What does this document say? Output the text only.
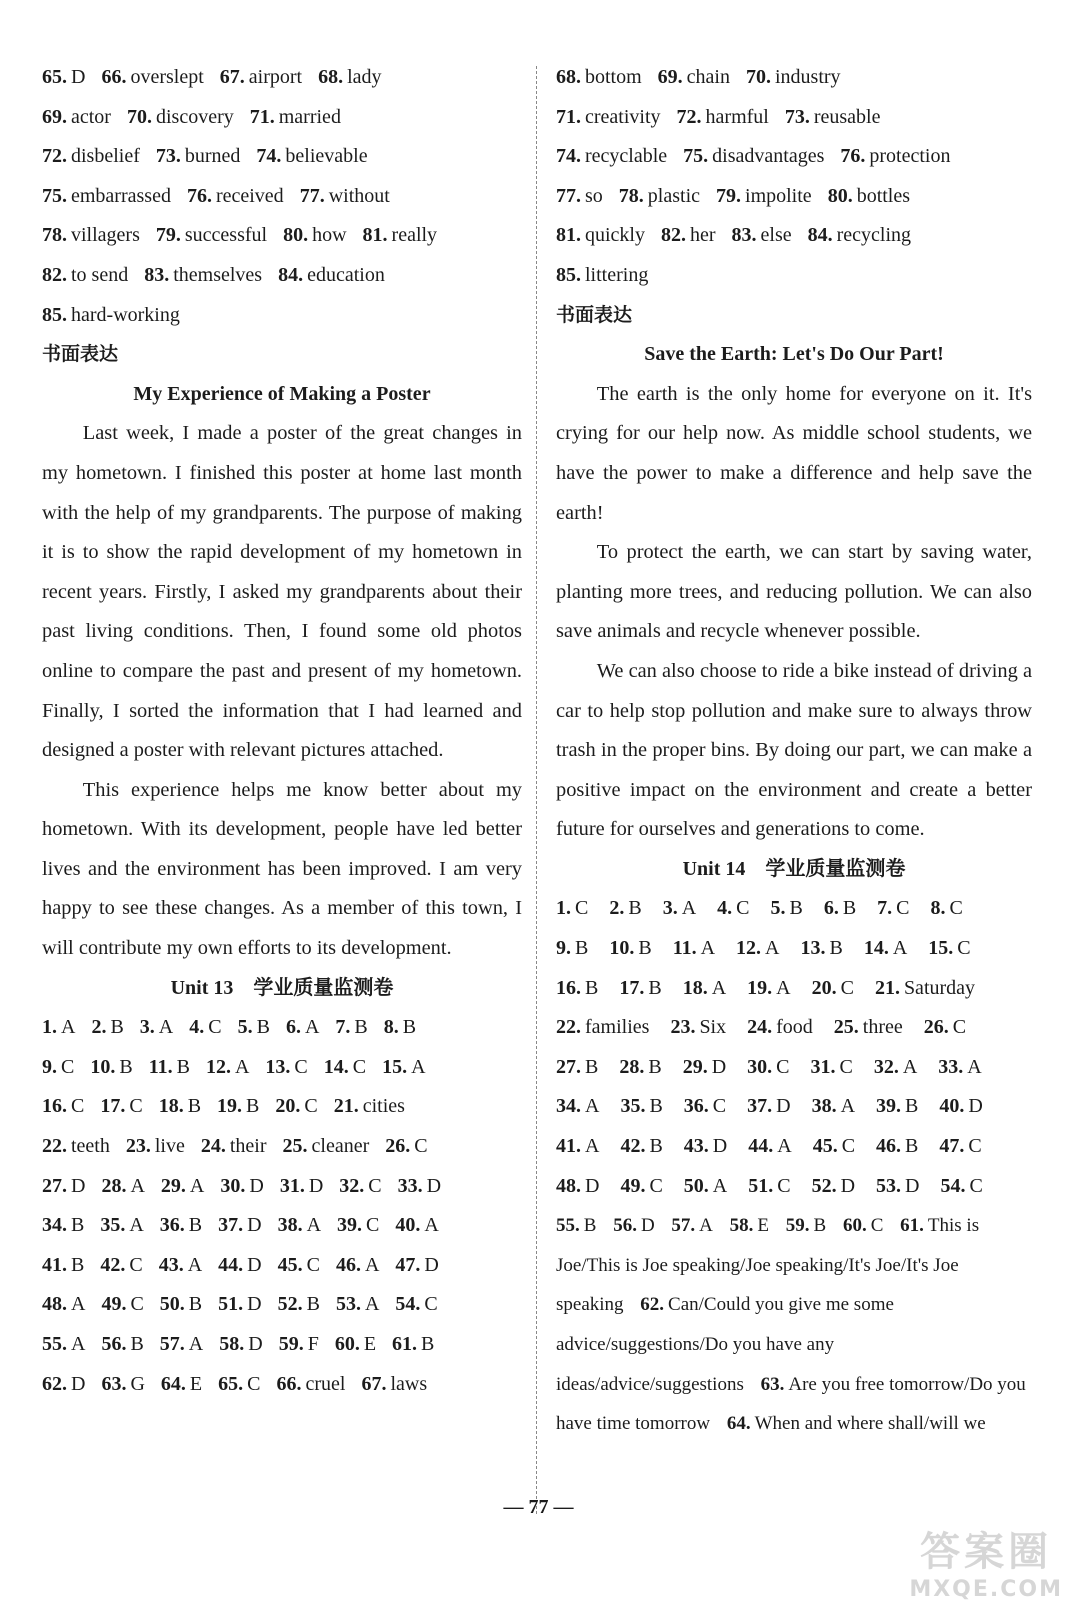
65. D 66. overslept 67. airport 68. lady
69. actor 70. discovery 71. married
72. disbelief 73. burned 74. believable
75. embarrassed 76. received 77. without
78. villagers 79. successful 80. how 81. really
82. to send 83. themselves 84. education
85. hard-working
书面表达
My Experience of Making a Poster

Last week, I made a poster of the great changes in my hometown. I finished this poster at home last month with the help of my grandparents. The purpose of making it is to show the rapid development of my hometown in recent years. Firstly, I asked my grandparents about their past living conditions. Then, I found some old photos online to compare the past and present of my hometown. Finally, I sorted the information that I had learned and designed a poster with relevant pictures attached.

This experience helps me know better about my hometown. With its development, people have led better lives and the environment has been improved. I am very happy to see these changes. As a member of this town, I will contribute my own efforts to its development.

Unit 13　学业质量监测卷
1. A 2. B 3. A 4. C 5. B 6. A 7. B 8. B
9. C 10. B 11. B 12. A 13. C 14. C 15. A
16. C 17. C 18. B 19. B 20. C 21. cities
22. teeth 23. live 24. their 25. cleaner 26. C
27. D 28. A 29. A 30. D 31. D 32. C 33. D
34. B 35. A 36. B 37. D 38. A 39. C 40. A
41. B 42. C 43. A 44. D 45. C 46. A 47. D
48. A 49. C 50. B 51. D 52. B 53. A 54. C
55. A 56. B 57. A 58. D 59. F 60. E 61. B
62. D 63. G 64. E 65. C 66. cruel 67. laws
68. bottom 69. chain 70. industry
71. creativity 72. harmful 73. reusable
74. recyclable 75. disadvantages 76. protection
77. so 78. plastic 79. impolite 80. bottles
81. quickly 82. her 83. else 84. recycling
85. littering
书面表达
Save the Earth: Let's Do Our Part!

The earth is the only home for everyone on it. It's crying for our help now. As middle school students, we have the power to make a difference and help save the earth!

To protect the earth, we can start by saving water, planting more trees, and reducing pollution. We can also save animals and recycle whenever possible.

We can also choose to ride a bike instead of driving a car to help stop pollution and make sure to always throw trash in the proper bins. By doing our part, we can make a positive impact on the environment and create a better future for ourselves and generations to come.

Unit 14　学业质量监测卷
1. C 2. B 3. A 4. C 5. B 6. B 7. C 8. C
9. B 10. B 11. A 12. A 13. B 14. A 15. C
16. B 17. B 18. A 19. A 20. C 21. Saturday
22. families 23. Six 24. food 25. three 26. C
27. B 28. B 29. D 30. C 31. C 32. A 33. A
34. A 35. B 36. C 37. D 38. A 39. B 40. D
41. A 42. B 43. D 44. A 45. C 46. B 47. C
48. D 49. C 50. A 51. C 52. D 53. D 54. C
55. B 56. D 57. A 58. E 59. B 60. C 61. This is Joe/This is Joe speaking/Joe speaking/It's Joe/It's Joe speaking 62. Can/Could you give me some advice/suggestions/Do you have any ideas/advice/suggestions 63. Are you free tomorrow/Do you have time tomorrow 64. When and where shall/will we
— 77 —
答案圈
MXQE.COM
